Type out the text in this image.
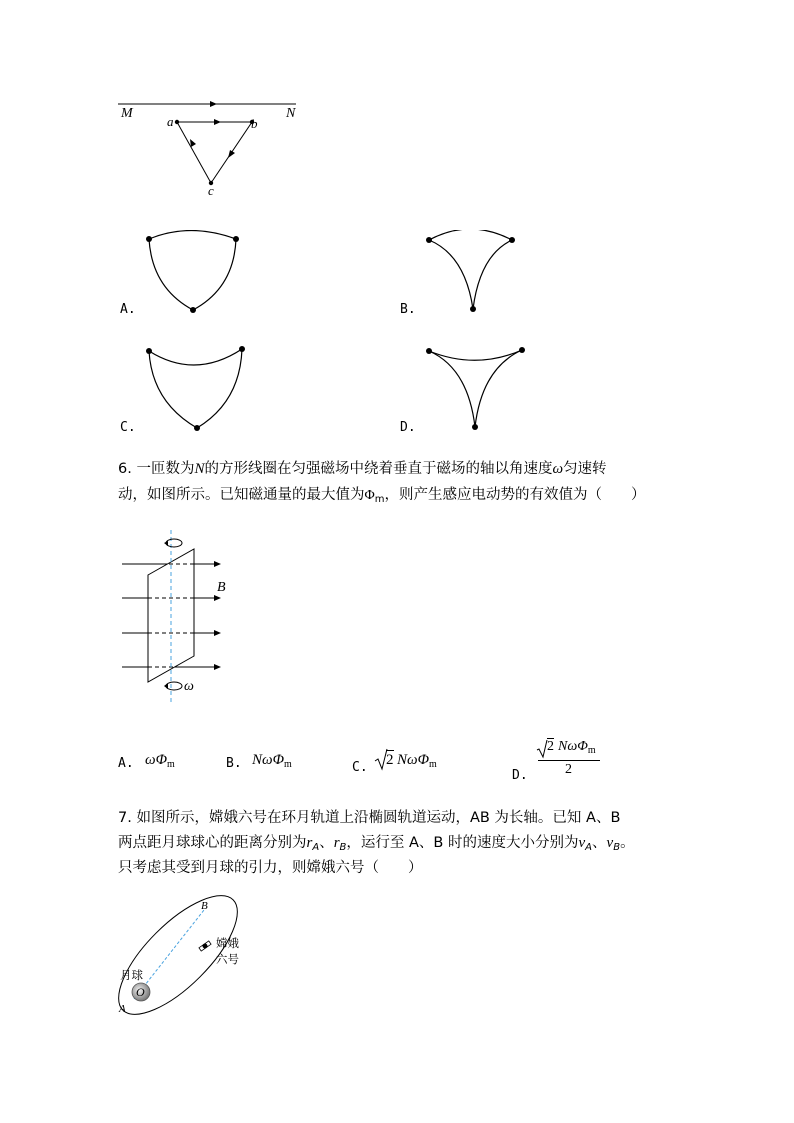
M	N
a	b
c
A.	B.
C.	D.
6. 一匝数为N的方形线圈在匀强磁场中绕着垂直于磁场的轴以角速度ω匀速转
动，如图所示。已知磁通量的最大值为$\Phi_m$，则产生感应电动势的有效值为（　　）
B
ω
A. $\omega\Phi_m$	B. NωΦ$_m$	C. 2 NωΦ$_m$
D.
2 NωΦ$_m$
2
7. 如图所示，嫦娥六号在环月轨道上沿椭圆轨道运动，AB 为长轴。已知 A、B
两点距月球球心的距离分别为$r_A$、$r_B$，运行至 A、B 时的速度大小分别为$v_A$、$v_B$。
只考虑其受到月球的引力，则嫦娥六号（　　）
B
A
O
月球
嫦娥
六号
